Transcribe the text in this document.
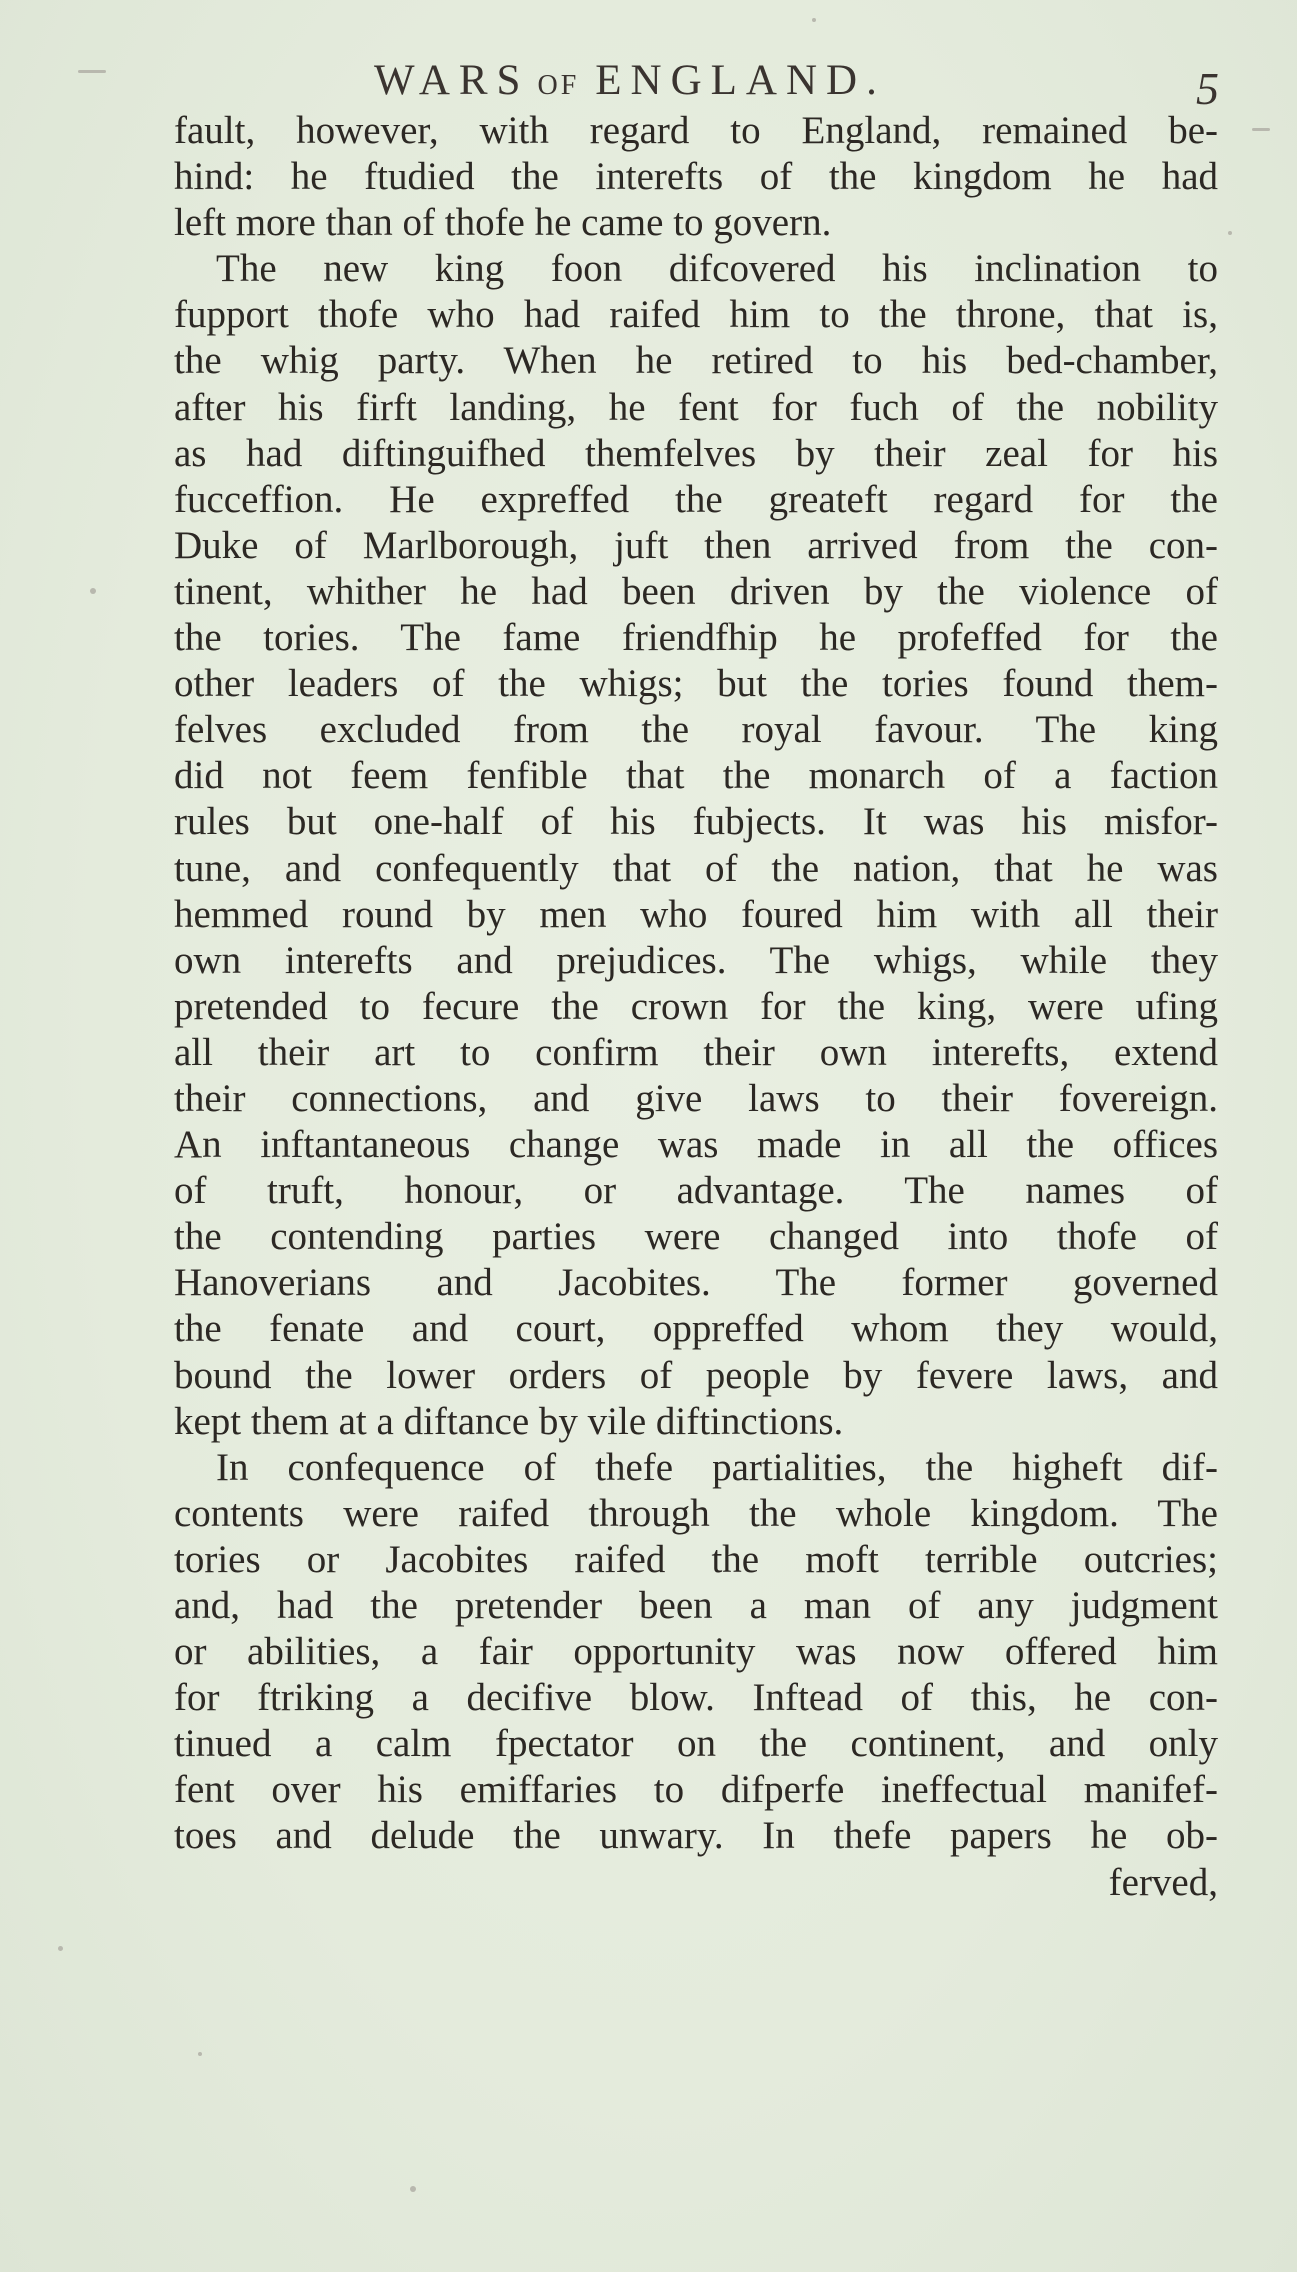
WARS OF ENGLAND.	5
fault, however, with regard to England, remained be-
hind: he ftudied the interefts of the kingdom he had
left more than of thofe he came to govern.
The new king foon difcovered his inclination to
fupport thofe who had raifed him to the throne, that is,
the whig party. When he retired to his bed-chamber,
after his firft landing, he fent for fuch of the nobility
as had diftinguifhed themfelves by their zeal for his
fucceffion. He expreffed the greateft regard for the
Duke of Marlborough, juft then arrived from the con-
tinent, whither he had been driven by the violence of
the tories. The fame friendfhip he profeffed for the
other leaders of the whigs; but the tories found them-
felves excluded from the royal favour. The king
did not feem fenfible that the monarch of a faction
rules but one-half of his fubjects. It was his misfor-
tune, and confequently that of the nation, that he was
hemmed round by men who foured him with all their
own interefts and prejudices. The whigs, while they
pretended to fecure the crown for the king, were ufing
all their art to confirm their own interefts, extend
their connections, and give laws to their fovereign.
An inftantaneous change was made in all the offices
of truft, honour, or advantage. The names of
the contending parties were changed into thofe of
Hanoverians and Jacobites. The former governed
the fenate and court, oppreffed whom they would,
bound the lower orders of people by fevere laws, and
kept them at a diftance by vile diftinctions.
In confequence of thefe partialities, the higheft dif-
contents were raifed through the whole kingdom. The
tories or Jacobites raifed the moft terrible outcries;
and, had the pretender been a man of any judgment
or abilities, a fair opportunity was now offered him
for ftriking a decifive blow. Inftead of this, he con-
tinued a calm fpectator on the continent, and only
fent over his emiffaries to difperfe ineffectual manifef-
toes and delude the unwary. In thefe papers he ob-
ferved,
